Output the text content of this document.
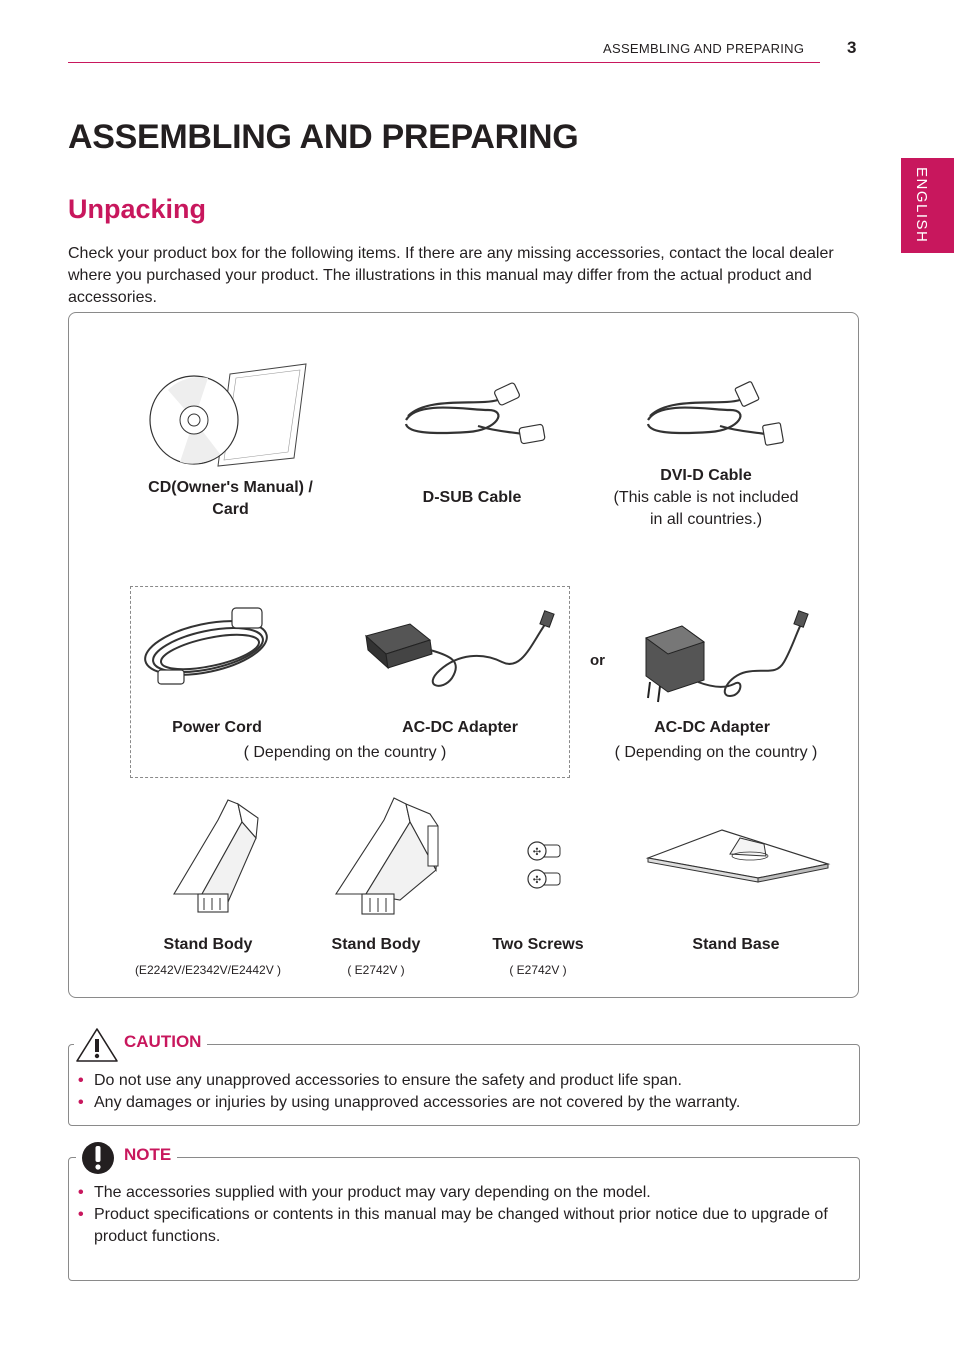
ASSEMBLING AND PREPARING	3
ENGLISH
ASSEMBLING AND PREPARING
Unpacking
Check your product box for the following items. If there are any missing accessories, contact the local dealer where you purchased your product. The illustrations in this manual may differ from the actual product and accessories.
CD(Owner's Manual) / Card
D-SUB Cable
DVI-D Cable
(This cable is not included in all countries.)
or
Power Cord	AC-DC Adapter
( Depending on the country )
AC-DC Adapter
( Depending on the country )
✣
✣
Stand Body
(E2242V/E2342V/E2442V )
Stand Body
( E2742V )
Two Screws
( E2742V )
Stand Base
CAUTION
• Do not use any unapproved accessories to ensure the safety and product life span.
• Any damages or injuries by using unapproved accessories are not covered by the warranty.
NOTE
• The accessories supplied with your product may vary depending on the model.
• Product specifications or contents in this manual may be changed without prior notice due to upgrade of product functions.
